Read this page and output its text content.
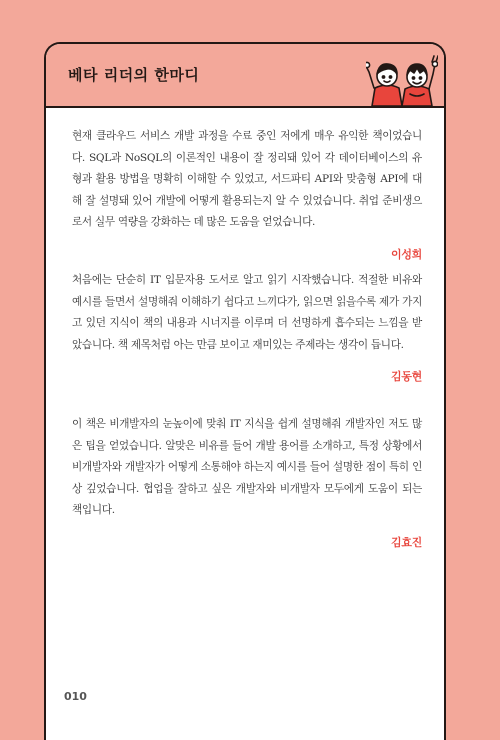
베타 리더의 한마디

현재 클라우드 서비스 개발 과정을 수료 중인 저에게 매우 유익한 책이었습니다. SQL과 NoSQL의 이론적인 내용이 잘 정리돼 있어 각 데이터베이스의 유형과 활용 방법을 명확히 이해할 수 있었고, 서드파티 API와 맞춤형 API에 대해 잘 설명돼 있어 개발에 어떻게 활용되는지 알 수 있었습니다. 취업 준비생으로서 실무 역량을 강화하는 데 많은 도움을 얻었습니다.

이성희

처음에는 단순히 IT 입문자용 도서로 알고 읽기 시작했습니다. 적절한 비유와 예시를 들면서 설명해줘 이해하기 쉽다고 느끼다가, 읽으면 읽을수록 제가 가지고 있던 지식이 책의 내용과 시너지를 이루며 더 선명하게 흡수되는 느낌을 받았습니다. 책 제목처럼 아는 만큼 보이고 재미있는 주제라는 생각이 듭니다.

김동현

이 책은 비개발자의 눈높이에 맞춰 IT 지식을 쉽게 설명해줘 개발자인 저도 많은 팁을 얻었습니다. 알맞은 비유를 들어 개발 용어를 소개하고, 특정 상황에서 비개발자와 개발자가 어떻게 소통해야 하는지 예시를 들어 설명한 점이 특히 인상 깊었습니다. 협업을 잘하고 싶은 개발자와 비개발자 모두에게 도움이 되는 책입니다.

김효진

010
